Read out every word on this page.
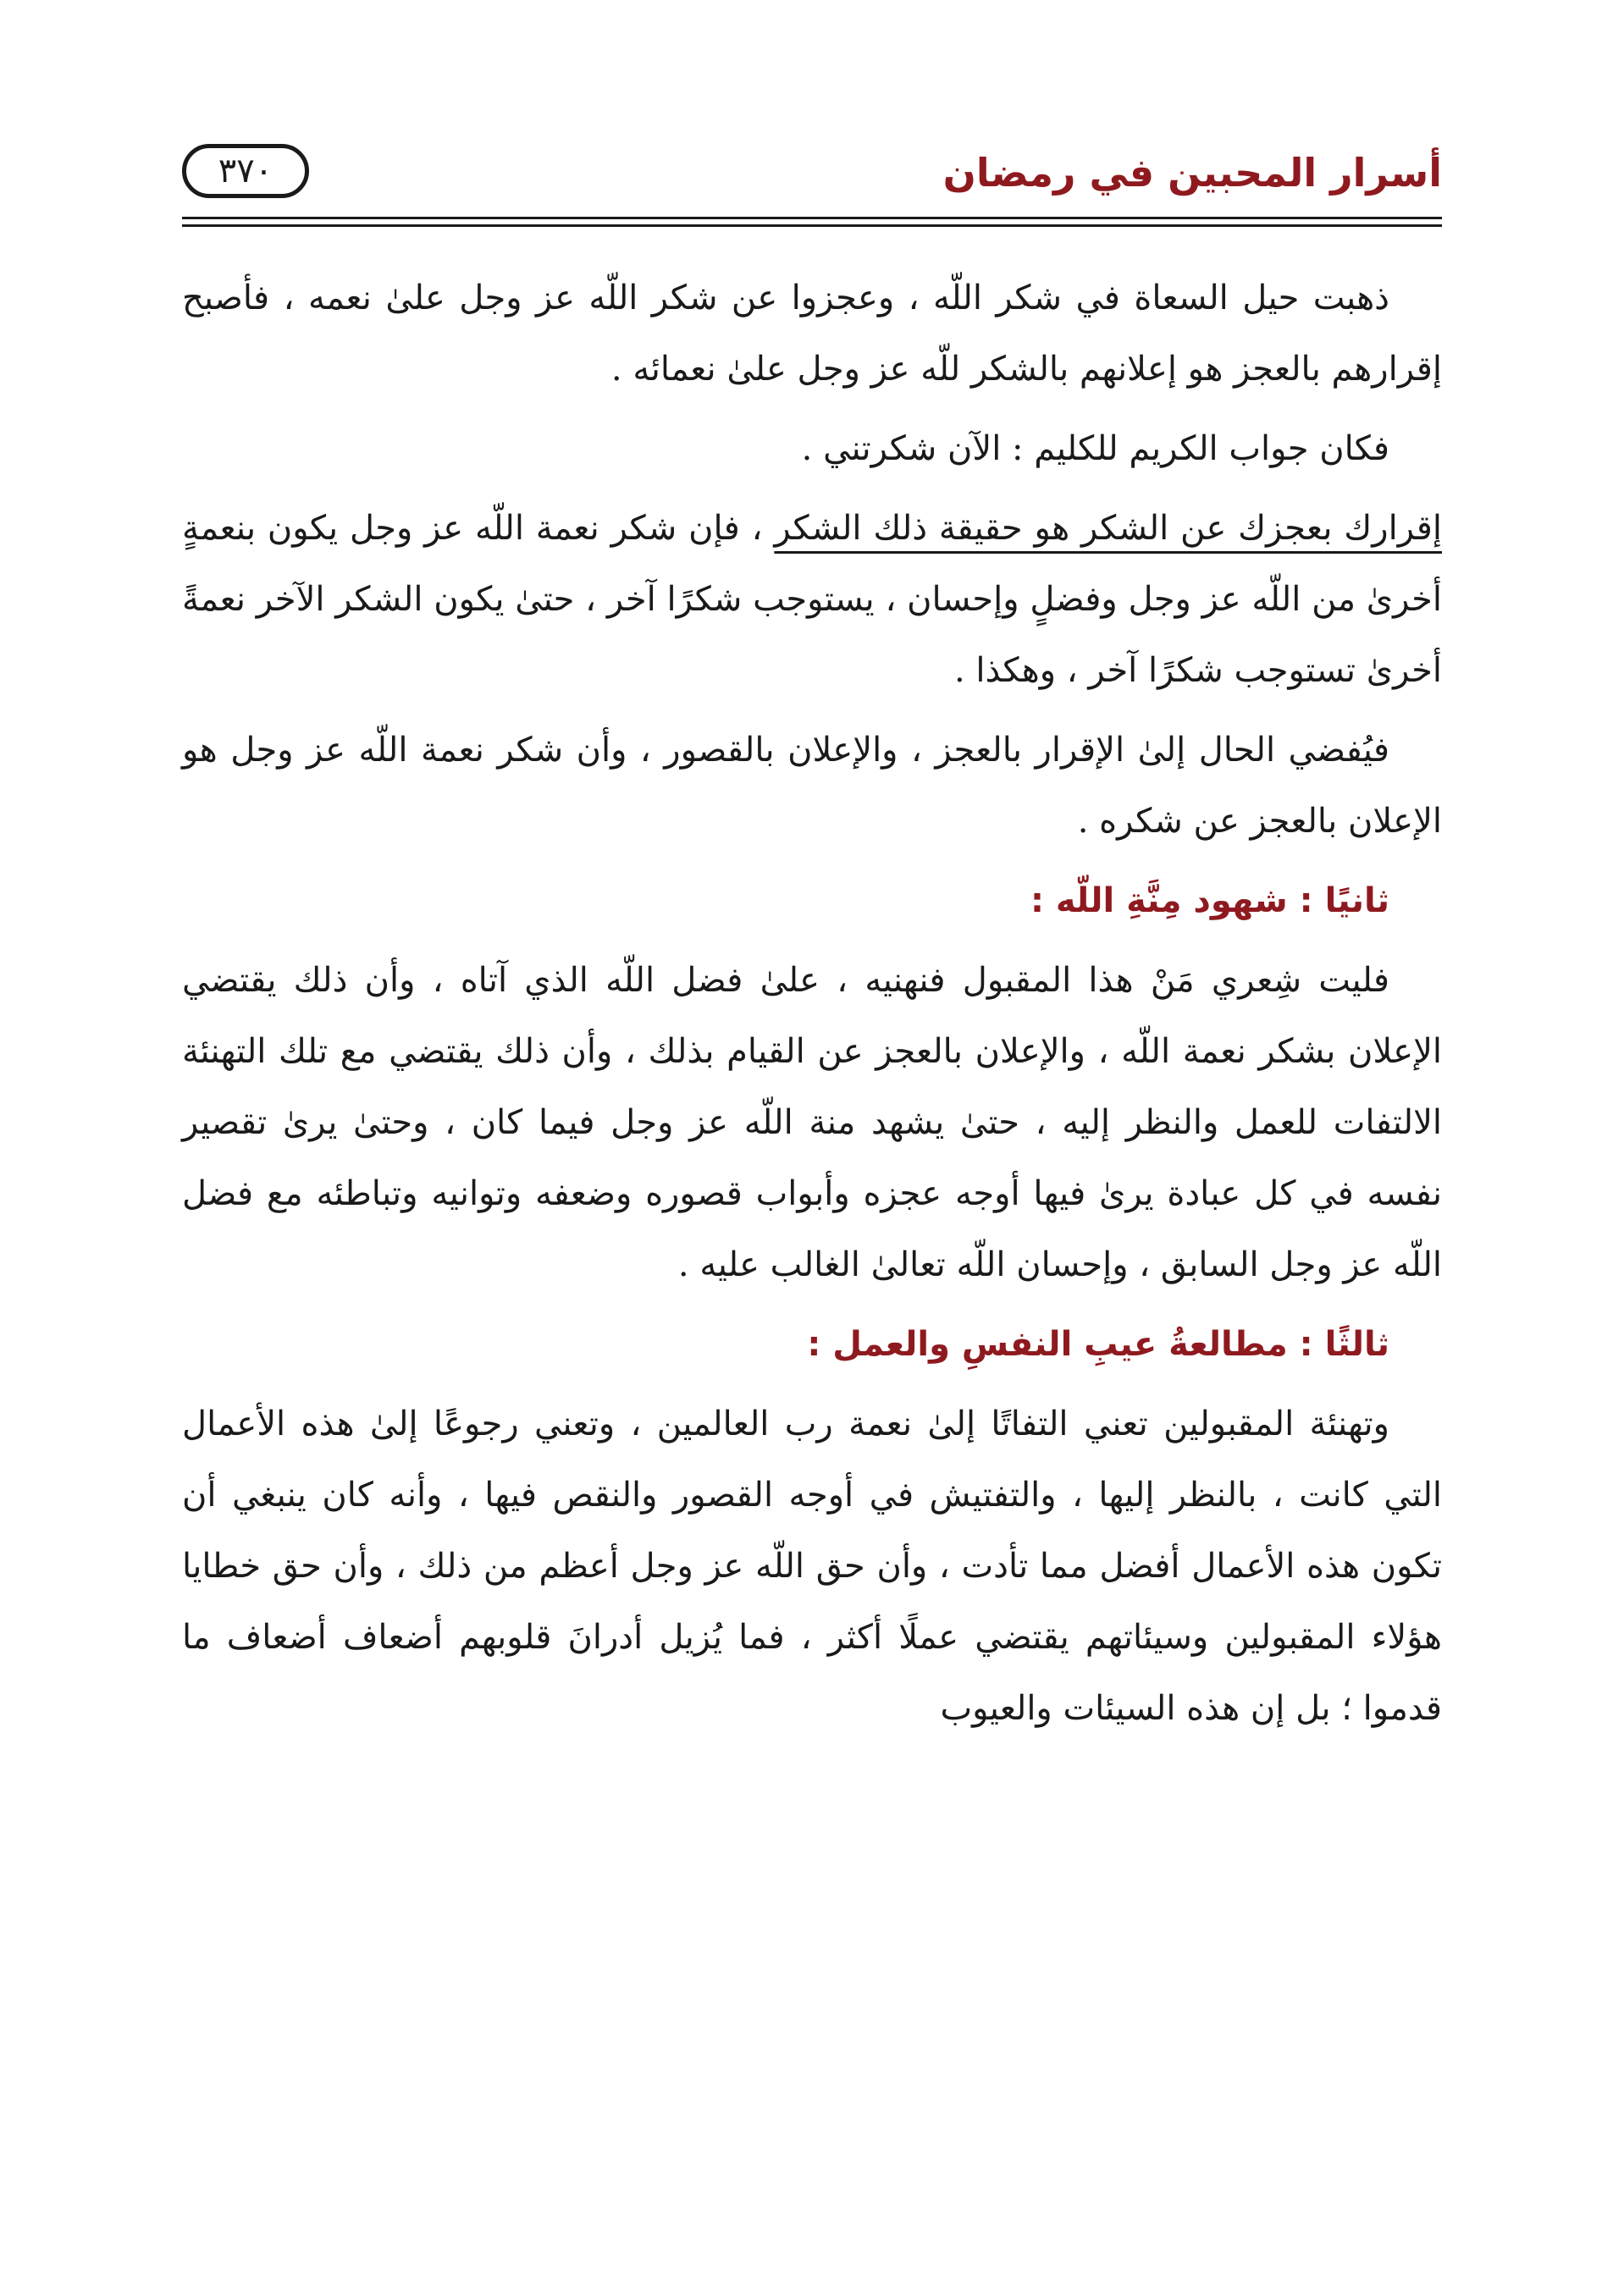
أسرار المحبين في رمضان
٣٧٠

ذهبت حيل السعاة في شكر اللّه ، وعجزوا عن شكر اللّه عز وجل علىٰ نعمه ، فأصبح إقرارهم بالعجز هو إعلانهم بالشكر للّه عز وجل علىٰ نعمائه .

فكان جواب الكريم للكليم : الآن شكرتني .

إقرارك بعجزك عن الشكر هو حقيقة ذلك الشكر ، فإن شكر نعمة اللّه عز وجل يكون بنعمةٍ أخرىٰ من اللّه عز وجل وفضلٍ وإحسان ، يستوجب شكرًا آخر ، حتىٰ يكون الشكر الآخر نعمةً أخرىٰ تستوجب شكرًا آخر ، وهكذا .

فيُفضي الحال إلىٰ الإقرار بالعجز ، والإعلان بالقصور ، وأن شكر نعمة اللّه عز وجل هو الإعلان بالعجز عن شكره .

ثانيًا : شهود مِنَّةِ اللّه :

فليت شِعري مَنْ هذا المقبول فنهنيه ، علىٰ فضل اللّه الذي آتاه ، وأن ذلك يقتضي الإعلان بشكر نعمة اللّه ، والإعلان بالعجز عن القيام بذلك ، وأن ذلك يقتضي مع تلك التهنئة الالتفات للعمل والنظر إليه ، حتىٰ يشهد منة اللّه عز وجل فيما كان ، وحتىٰ يرىٰ تقصير نفسه في كل عبادة يرىٰ فيها أوجه عجزه وأبواب قصوره وضعفه وتوانيه وتباطئه مع فضل اللّه عز وجل السابق ، وإحسان اللّه تعالىٰ الغالب عليه .

ثالثًا : مطالعةُ عيبِ النفسِ والعمل :

وتهنئة المقبولين تعني التفاتًا إلىٰ نعمة رب العالمين ، وتعني رجوعًا إلىٰ هذه الأعمال التي كانت ، بالنظر إليها ، والتفتيش في أوجه القصور والنقص فيها ، وأنه كان ينبغي أن تكون هذه الأعمال أفضل مما تأدت ، وأن حق اللّه عز وجل أعظم من ذلك ، وأن حق خطايا هؤلاء المقبولين وسيئاتهم يقتضي عملًا أكثر ، فما يُزيل أدرانَ قلوبهم أضعاف أضعاف ما قدموا ؛ بل إن هذه السيئات والعيوب
